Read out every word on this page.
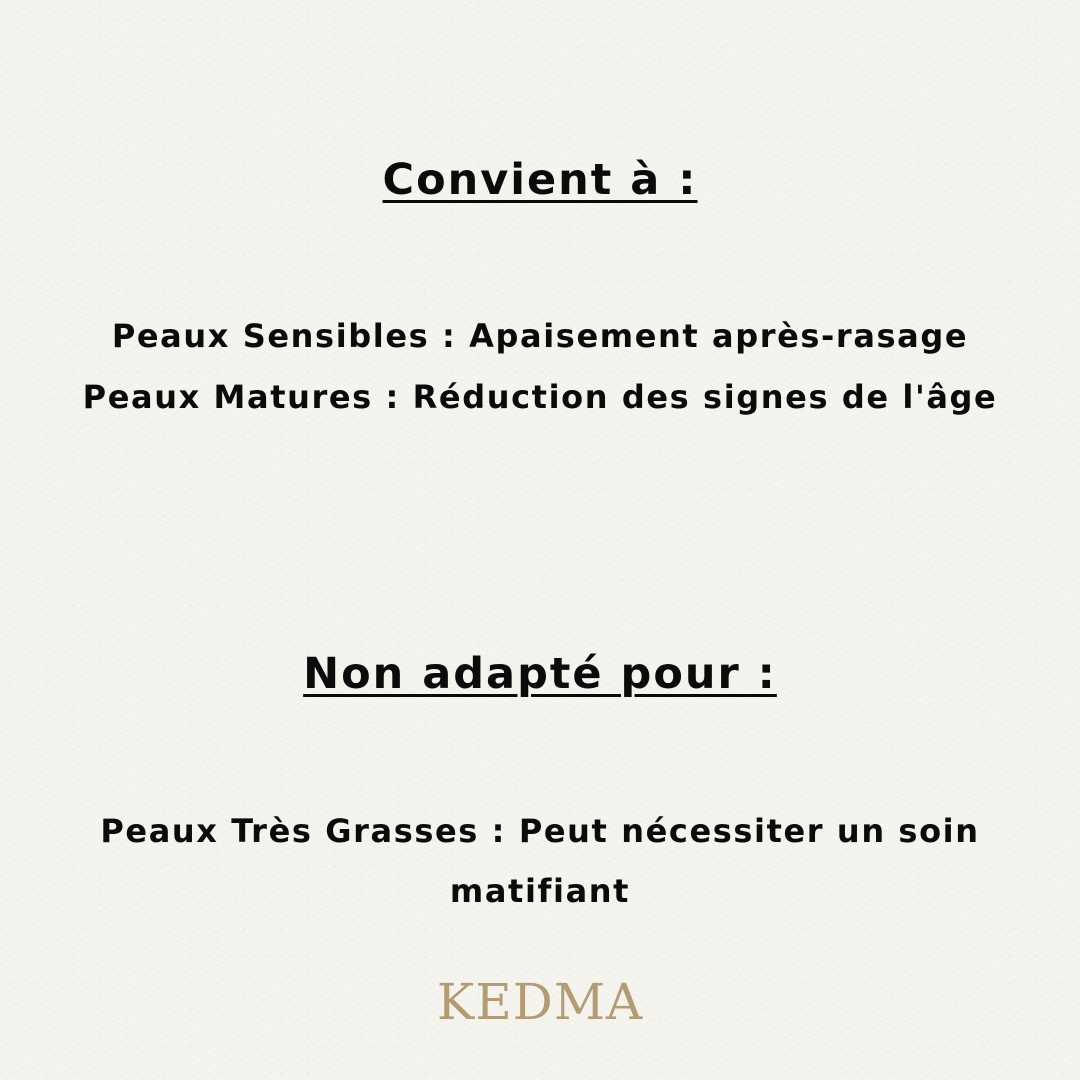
Convient à :

Peaux Sensibles : Apaisement après-rasage

Peaux Matures : Réduction des signes de l'âge

Non adapté pour :

Peaux Très Grasses : Peut nécessiter un soin matifiant

KEDMA
